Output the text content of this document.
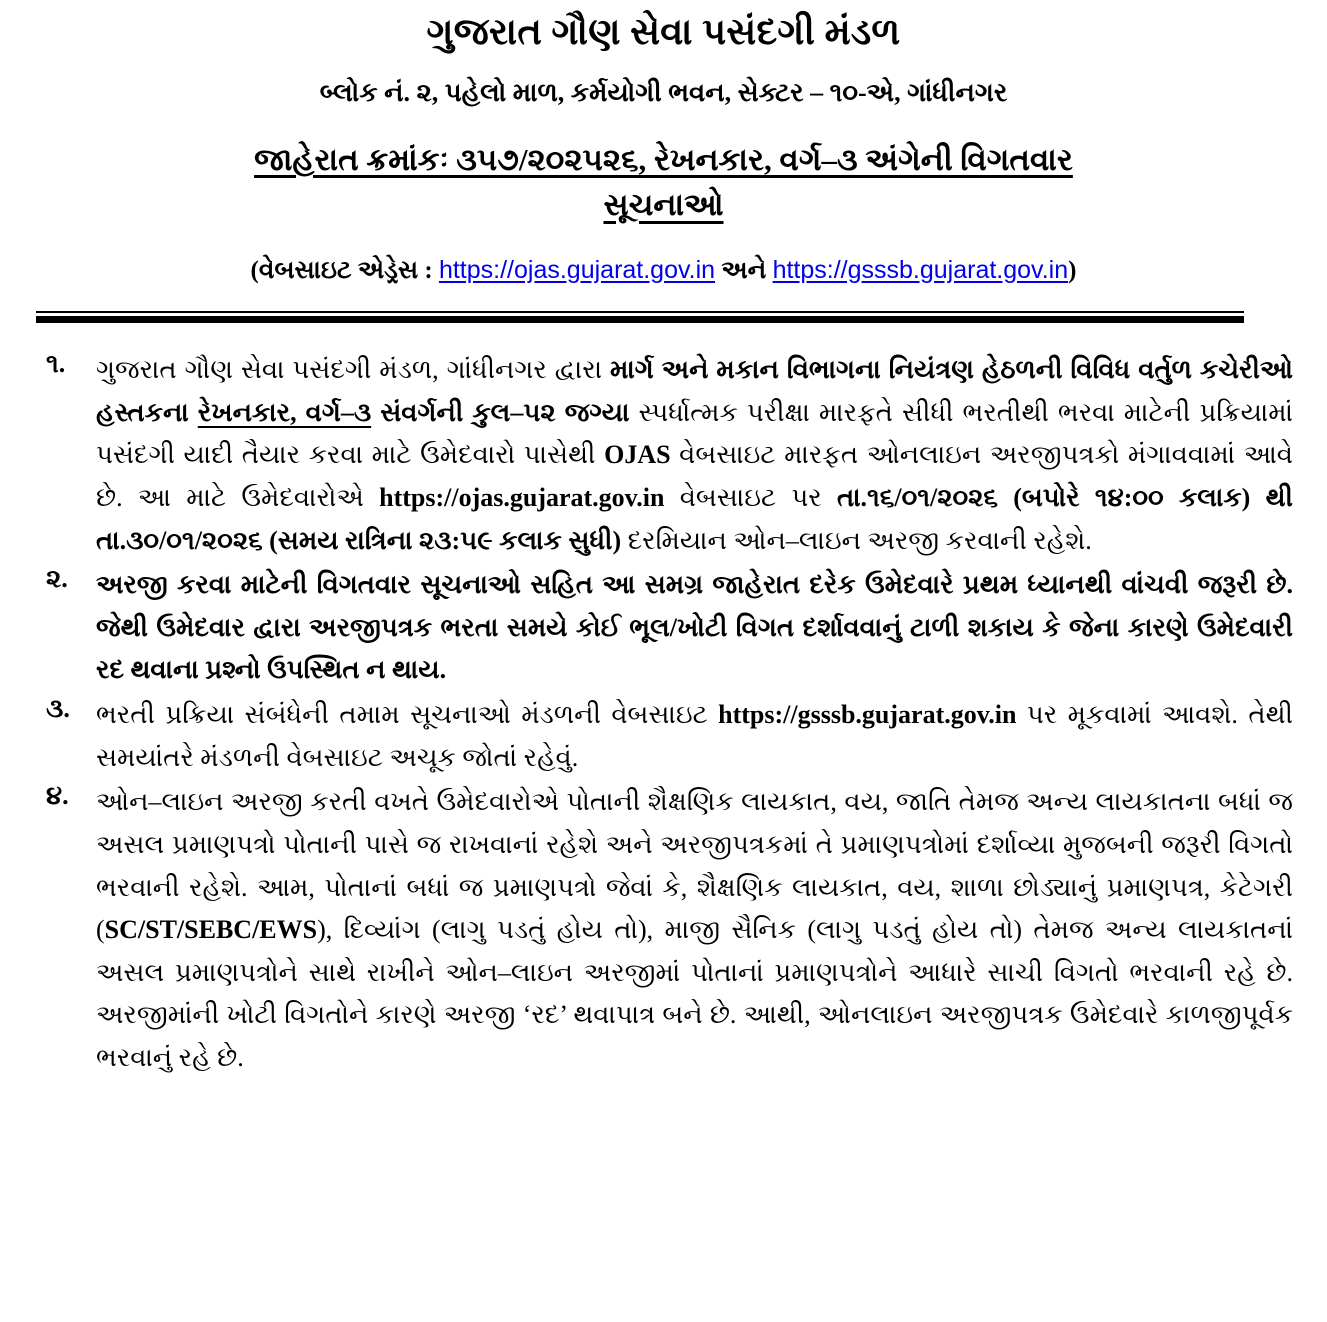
ગુજરાત ગૌણ સેવા પસંદગી મંડળ
બ્લોક નં. ૨, પહેલો માળ, કર્મયોગી ભવન, સેક્ટર – ૧૦-એ, ગાંધીનગર
જાહેરાત ક્રમાંકઃ ૩૫૭/૨૦૨૫૨૬, રેખનકાર, વર્ગ–૩ અંગેની વિગતવાર
સૂચનાઓ
(વેબસાઇટ એડ્રેસ : https://ojas.gujarat.gov.in અને https://gsssb.gujarat.gov.in)
૧.	ગુજરાત ગૌણ સેવા પસંદગી મંડળ, ગાંધીનગર દ્વારા માર્ગ અને મકાન વિભાગના નિયંત્રણ હેઠળની વિવિધ વર્તુળ કચેરીઓ હસ્તકના રેખનકાર, વર્ગ–૩ સંવર્ગની કુલ–૫૨ જગ્યા સ્પર્ધાત્મક પરીક્ષા મારફતે સીધી ભરતીથી ભરવા માટેની પ્રક્રિયામાં પસંદગી યાદી તૈયાર કરવા માટે ઉમેદવારો પાસેથી OJAS વેબસાઇટ મારફત ઓનલાઇન અરજીપત્રકો મંગાવવામાં આવે છે. આ માટે ઉમેદવારોએ https://ojas.gujarat.gov.in વેબસાઇટ પર તા.૧૬/૦૧/૨૦૨૬ (બપોરે ૧૪:૦૦ કલાક) થી તા.૩૦/૦૧/૨૦૨૬ (સમય રાત્રિના ૨૩:૫૯ કલાક સુધી) દરમિયાન ઓન–લાઇન અરજી કરવાની રહેશે.

૨.	અરજી કરવા માટેની વિગતવાર સૂચનાઓ સહિત આ સમગ્ર જાહેરાત દરેક ઉમેદવારે પ્રથમ ધ્યાનથી વાંચવી જરૂરી છે. જેથી ઉમેદવાર દ્વારા અરજીપત્રક ભરતા સમયે કોઈ ભૂલ/ખોટી વિગત દર્શાવવાનું ટાળી શકાય કે જેના કારણે ઉમેદવારી રદ થવાના પ્રશ્નો ઉપસ્થિત ન થાય.

૩.	ભરતી પ્રક્રિયા સંબંધેની તમામ સૂચનાઓ મંડળની વેબસાઇટ https://gsssb.gujarat.gov.in પર મૂકવામાં આવશે. તેથી સમયાંતરે મંડળની વેબસાઇટ અચૂક જોતાં રહેવું.

૪.	ઓન–લાઇન અરજી કરતી વખતે ઉમેદવારોએ પોતાની શૈક્ષણિક લાયકાત, વય, જાતિ તેમજ અન્ય લાયકાતના બધાં જ અસલ પ્રમાણપત્રો પોતાની પાસે જ રાખવાનાં રહેશે અને અરજીપત્રકમાં તે પ્રમાણપત્રોમાં દર્શાવ્યા મુજબની જરૂરી વિગતો ભરવાની રહેશે. આમ, પોતાનાં બધાં જ પ્રમાણપત્રો જેવાં કે, શૈક્ષણિક લાયકાત, વય, શાળા છોડ્યાનું પ્રમાણપત્ર, કેટેગરી (SC/ST/SEBC/EWS), દિવ્યાંગ (લાગુ પડતું હોય તો), માજી સૈનિક (લાગુ પડતું હોય તો) તેમજ અન્ય લાયકાતનાં અસલ પ્રમાણપત્રોને સાથે રાખીને ઓન–લાઇન અરજીમાં પોતાનાં પ્રમાણપત્રોને આધારે સાચી વિગતો ભરવાની રહે છે. અરજીમાંની ખોટી વિગતોને કારણે અરજી ‘રદ’ થવાપાત્ર બને છે. આથી, ઓનલાઇન અરજીપત્રક ઉમેદવારે કાળજીપૂર્વક ભરવાનું રહે છે.
